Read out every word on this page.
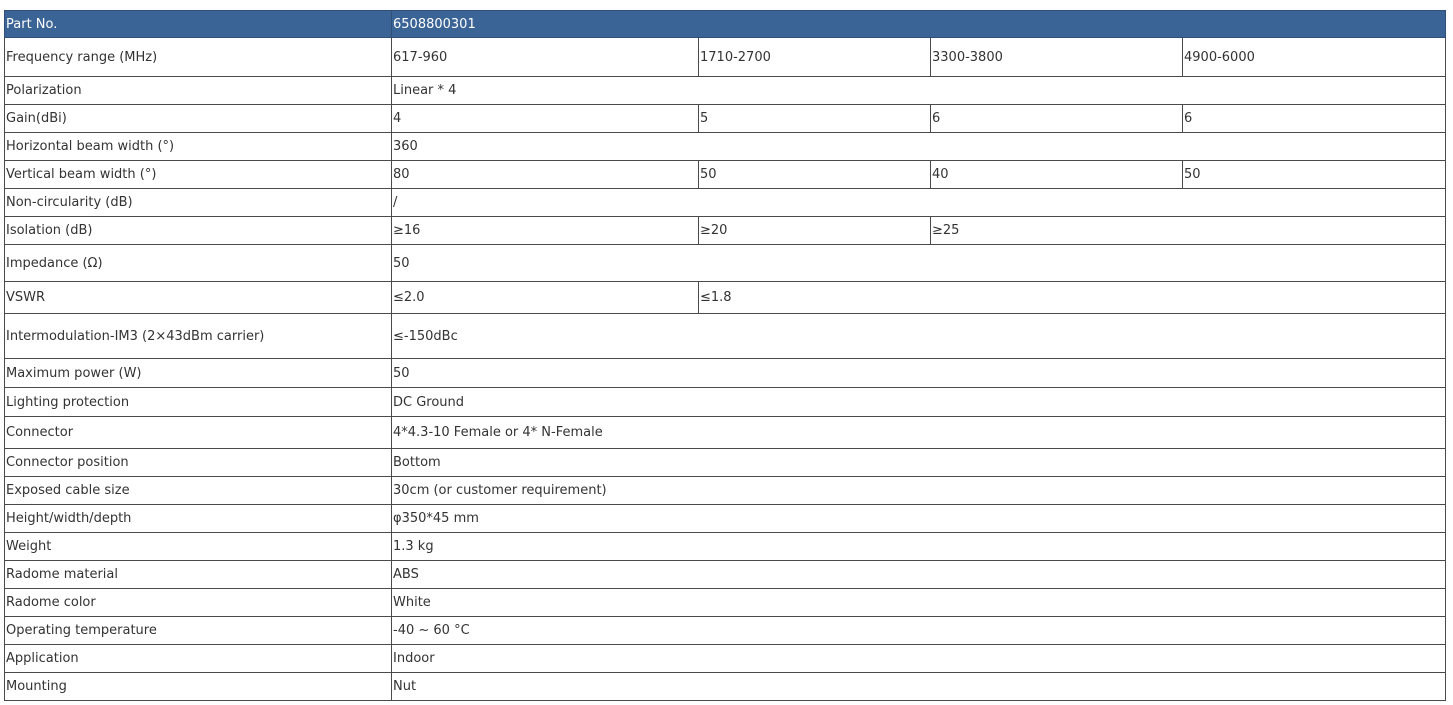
Part No.	6508800301			
Frequency range (MHz)	617-960	1710-2700	3300-3800	4900-6000
Polarization	Linear * 4			
Gain(dBi)	4	5	6	6
Horizontal beam width (°)	360			
Vertical beam width (°)	80	50	40	50
Non-circularity (dB)	/			
Isolation (dB)	≥16	≥20	≥25	
Impedance (Ω)	50			
VSWR	≤2.0	≤1.8		
Intermodulation-IM3 (2×43dBm carrier)	≤-150dBc			
Maximum power (W)	50			
Lighting protection	DC Ground			
Connector	4*4.3-10 Female or 4* N-Female			
Connector position	Bottom			
Exposed cable size	30cm (or customer requirement)			
Height/width/depth	φ350*45 mm			
Weight	1.3 kg			
Radome material	ABS			
Radome color	White			
Operating temperature	-40 ~ 60 °C			
Application	Indoor			
Mounting	Nut			
